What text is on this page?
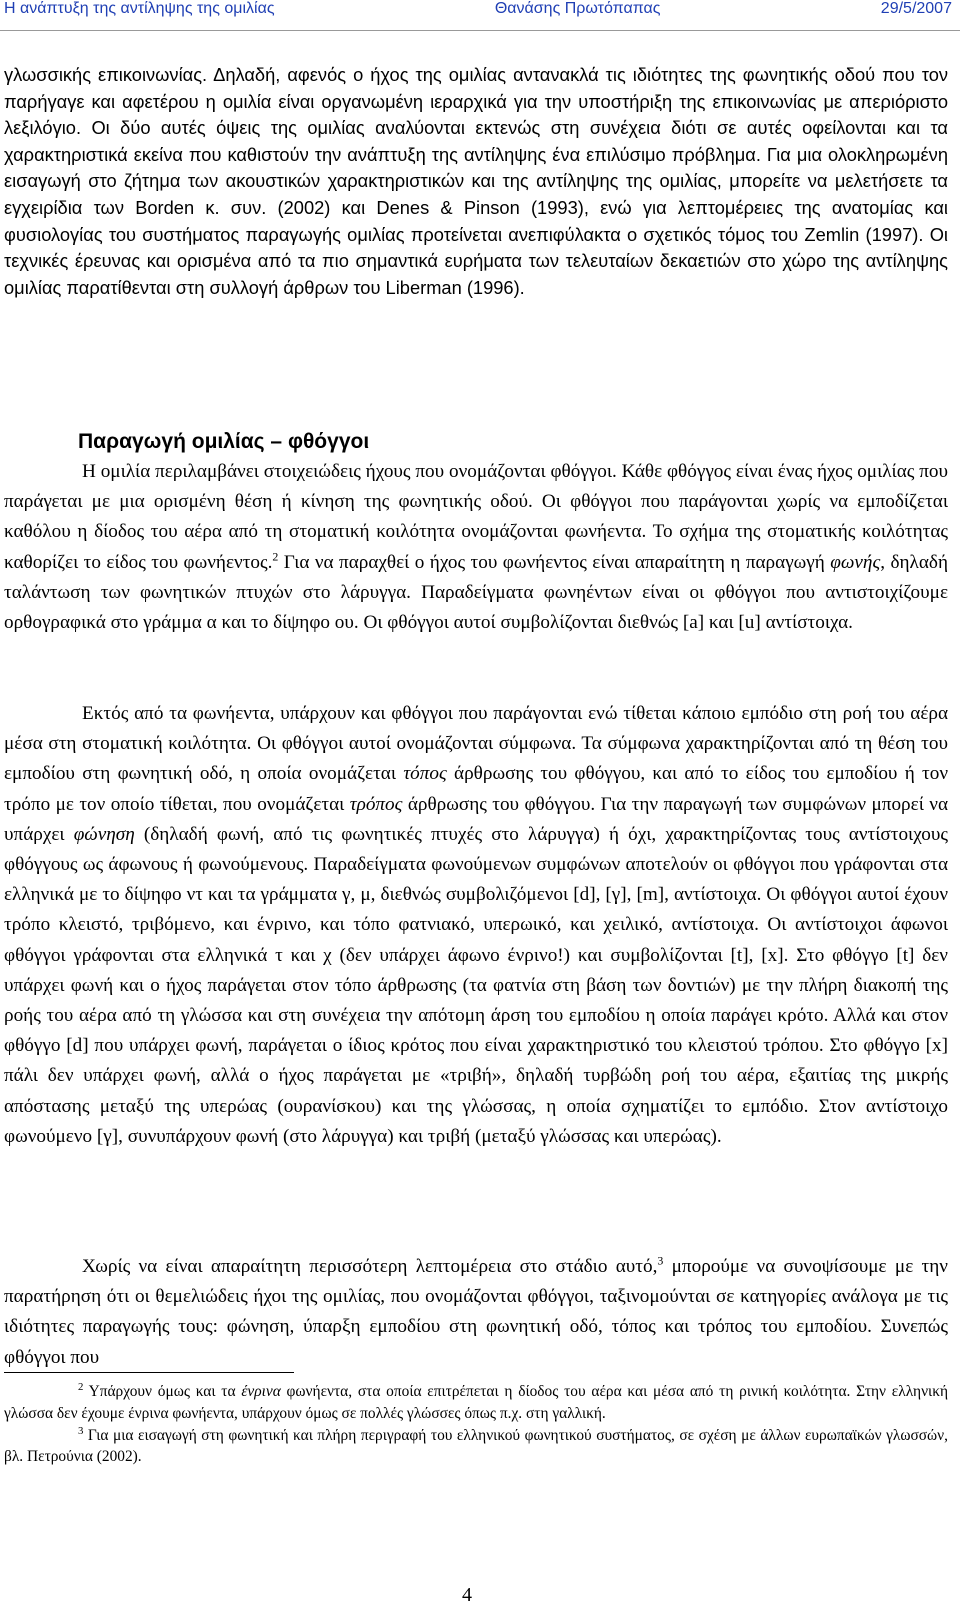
Η ανάπτυξη της αντίληψης της ομιλίας	Θανάσης Πρωτόπαπας	29/5/2007

γλωσσικής επικοινωνίας. Δηλαδή, αφενός ο ήχος της ομιλίας αντανακλά τις ιδιότητες της φωνητικής οδού που τον παρήγαγε και αφετέρου η ομιλία είναι οργανωμένη ιεραρχικά για την υποστήριξη της επικοινωνίας με απεριόριστο λεξιλόγιο. Οι δύο αυτές όψεις της ομιλίας αναλύονται εκτενώς στη συνέχεια διότι σε αυτές οφείλονται και τα χαρακτηριστικά εκείνα που καθιστούν την ανάπτυξη της αντίληψης ένα επιλύσιμο πρόβλημα. Για μια ολοκληρωμένη εισαγωγή στο ζήτημα των ακουστικών χαρακτηριστικών και της αντίληψης της ομιλίας, μπορείτε να μελετήσετε τα εγχειρίδια των Borden κ. συν. (2002) και Denes & Pinson (1993), ενώ για λεπτομέρειες της ανατομίας και φυσιολογίας του συστήματος παραγωγής ομιλίας προτείνεται ανεπιφύλακτα ο σχετικός τόμος του Zemlin (1997). Οι τεχνικές έρευνας και ορισμένα από τα πιο σημαντικά ευρήματα των τελευταίων δεκαετιών στο χώρο της αντίληψης ομιλίας παρατίθενται στη συλλογή άρθρων του Liberman (1996).

Παραγωγή ομιλίας – φθόγγοι

Η ομιλία περιλαμβάνει στοιχειώδεις ήχους που ονομάζονται φθόγγοι. Κάθε φθόγγος είναι ένας ήχος ομιλίας που παράγεται με μια ορισμένη θέση ή κίνηση της φωνητικής οδού. Οι φθόγγοι που παράγονται χωρίς να εμποδίζεται καθόλου η δίοδος του αέρα από τη στοματική κοιλότητα ονομάζονται φωνήεντα. Το σχήμα της στοματικής κοιλότητας καθορίζει το είδος του φωνήεντος.$^2$ Για να παραχθεί ο ήχος του φωνήεντος είναι απαραίτητη η παραγωγή φωνής, δηλαδή ταλάντωση των φωνητικών πτυχών στο λάρυγγα. Παραδείγματα φωνηέντων είναι οι φθόγγοι που αντιστοιχίζουμε ορθογραφικά στο γράμμα α και το δίψηφο ου. Οι φθόγγοι αυτοί συμβολίζονται διεθνώς [a] και [u] αντίστοιχα.

Εκτός από τα φωνήεντα, υπάρχουν και φθόγγοι που παράγονται ενώ τίθεται κάποιο εμπόδιο στη ροή του αέρα μέσα στη στοματική κοιλότητα. Οι φθόγγοι αυτοί ονομάζονται σύμφωνα. Τα σύμφωνα χαρακτηρίζονται από τη θέση του εμποδίου στη φωνητική οδό, η οποία ονομάζεται τόπος άρθρωσης του φθόγγου, και από το είδος του εμποδίου ή τον τρόπο με τον οποίο τίθεται, που ονομάζεται τρόπος άρθρωσης του φθόγγου. Για την παραγωγή των συμφώνων μπορεί να υπάρχει φώνηση (δηλαδή φωνή, από τις φωνητικές πτυχές στο λάρυγγα) ή όχι, χαρακτηρίζοντας τους αντίστοιχους φθόγγους ως άφωνους ή φωνούμενους. Παραδείγματα φωνούμενων συμφώνων αποτελούν οι φθόγγοι που γράφονται στα ελληνικά με το δίψηφο ντ και τα γράμματα γ, μ, διεθνώς συμβολιζόμενοι [d], [γ], [m], αντίστοιχα. Οι φθόγγοι αυτοί έχουν τρόπο κλειστό, τριβόμενο, και ένρινο, και τόπο φατνιακό, υπερωικό, και χειλικό, αντίστοιχα. Οι αντίστοιχοι άφωνοι φθόγγοι γράφονται στα ελληνικά τ και χ (δεν υπάρχει άφωνο ένρινο!) και συμβολίζονται [t], [x]. Στο φθόγγο [t] δεν υπάρχει φωνή και ο ήχος παράγεται στον τόπο άρθρωσης (τα φατνία στη βάση των δοντιών) με την πλήρη διακοπή της ροής του αέρα από τη γλώσσα και στη συνέχεια την απότομη άρση του εμποδίου η οποία παράγει κρότο. Αλλά και στον φθόγγο [d] που υπάρχει φωνή, παράγεται ο ίδιος κρότος που είναι χαρακτηριστικό του κλειστού τρόπου. Στο φθόγγο [x] πάλι δεν υπάρχει φωνή, αλλά ο ήχος παράγεται με «τριβή», δηλαδή τυρβώδη ροή του αέρα, εξαιτίας της μικρής απόστασης μεταξύ της υπερώας (ουρανίσκου) και της γλώσσας, η οποία σχηματίζει το εμπόδιο. Στον αντίστοιχο φωνούμενο [γ], συνυπάρχουν φωνή (στο λάρυγγα) και τριβή (μεταξύ γλώσσας και υπερώας).

Χωρίς να είναι απαραίτητη περισσότερη λεπτομέρεια στο στάδιο αυτό,$^3$ μπορούμε να συνοψίσουμε με την παρατήρηση ότι οι θεμελιώδεις ήχοι της ομιλίας, που ονομάζονται φθόγγοι, ταξινομούνται σε κατηγορίες ανάλογα με τις ιδιότητες παραγωγής τους: φώνηση, ύπαρξη εμποδίου στη φωνητική οδό, τόπος και τρόπος του εμποδίου. Συνεπώς φθόγγοι που

$^2$ Υπάρχουν όμως και τα ένρινα φωνήεντα, στα οποία επιτρέπεται η δίοδος του αέρα και μέσα από τη ρινική κοιλότητα. Στην ελληνική γλώσσα δεν έχουμε ένρινα φωνήεντα, υπάρχουν όμως σε πολλές γλώσσες όπως π.χ. στη γαλλική.

$^3$ Για μια εισαγωγή στη φωνητική και πλήρη περιγραφή του ελληνικού φωνητικού συστήματος, σε σχέση με άλλων ευρωπαϊκών γλωσσών, βλ. Πετρούνια (2002).

4
